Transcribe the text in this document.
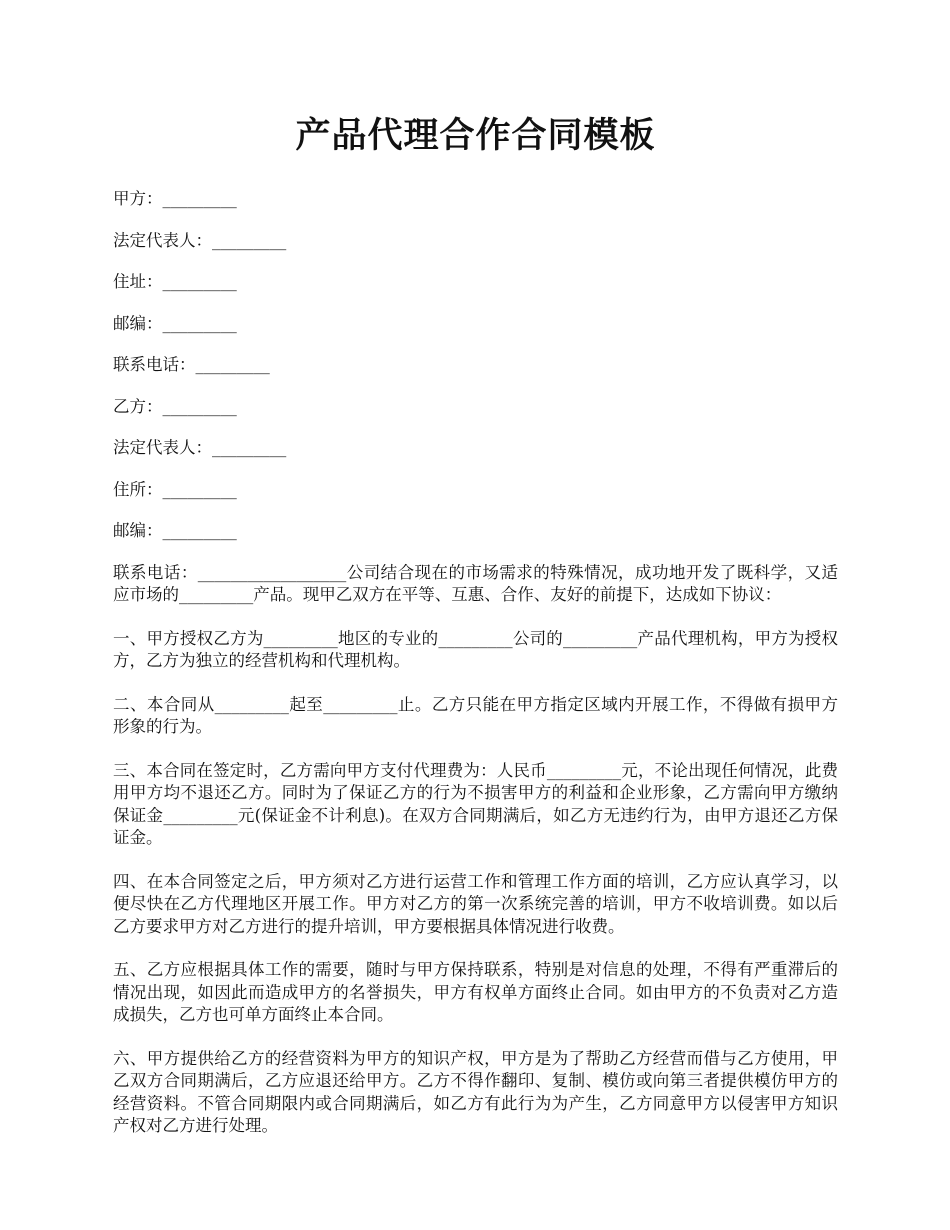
产品代理合作合同模板
甲方：_________
法定代表人：_________
住址：_________
邮编：_________
联系电话：_________
乙方：_________
法定代表人：_________
住所：_________
邮编：_________

联系电话：__________________公司结合现在的市场需求的特殊情况，成功地开发了既科学，又适应市场的_________产品。现甲乙双方在平等、互惠、合作、友好的前提下，达成如下协议：

一、甲方授权乙方为_________地区的专业的_________公司的_________产品代理机构，甲方为授权方，乙方为独立的经营机构和代理机构。

二、本合同从_________起至_________止。乙方只能在甲方指定区域内开展工作，不得做有损甲方形象的行为。

三、本合同在签定时，乙方需向甲方支付代理费为：人民币_________元，不论出现任何情况，此费用甲方均不退还乙方。同时为了保证乙方的行为不损害甲方的利益和企业形象，乙方需向甲方缴纳保证金_________元(保证金不计利息)。在双方合同期满后，如乙方无违约行为，由甲方退还乙方保证金。

四、在本合同签定之后，甲方须对乙方进行运营工作和管理工作方面的培训，乙方应认真学习，以便尽快在乙方代理地区开展工作。甲方对乙方的第一次系统完善的培训，甲方不收培训费。如以后乙方要求甲方对乙方进行的提升培训，甲方要根据具体情况进行收费。

五、乙方应根据具体工作的需要，随时与甲方保持联系，特别是对信息的处理，不得有严重滞后的情况出现，如因此而造成甲方的名誉损失，甲方有权单方面终止合同。如由甲方的不负责对乙方造成损失，乙方也可单方面终止本合同。

六、甲方提供给乙方的经营资料为甲方的知识产权，甲方是为了帮助乙方经营而借与乙方使用，甲乙双方合同期满后，乙方应退还给甲方。乙方不得作翻印、复制、模仿或向第三者提供模仿甲方的经营资料。不管合同期限内或合同期满后，如乙方有此行为为产生，乙方同意甲方以侵害甲方知识产权对乙方进行处理。
